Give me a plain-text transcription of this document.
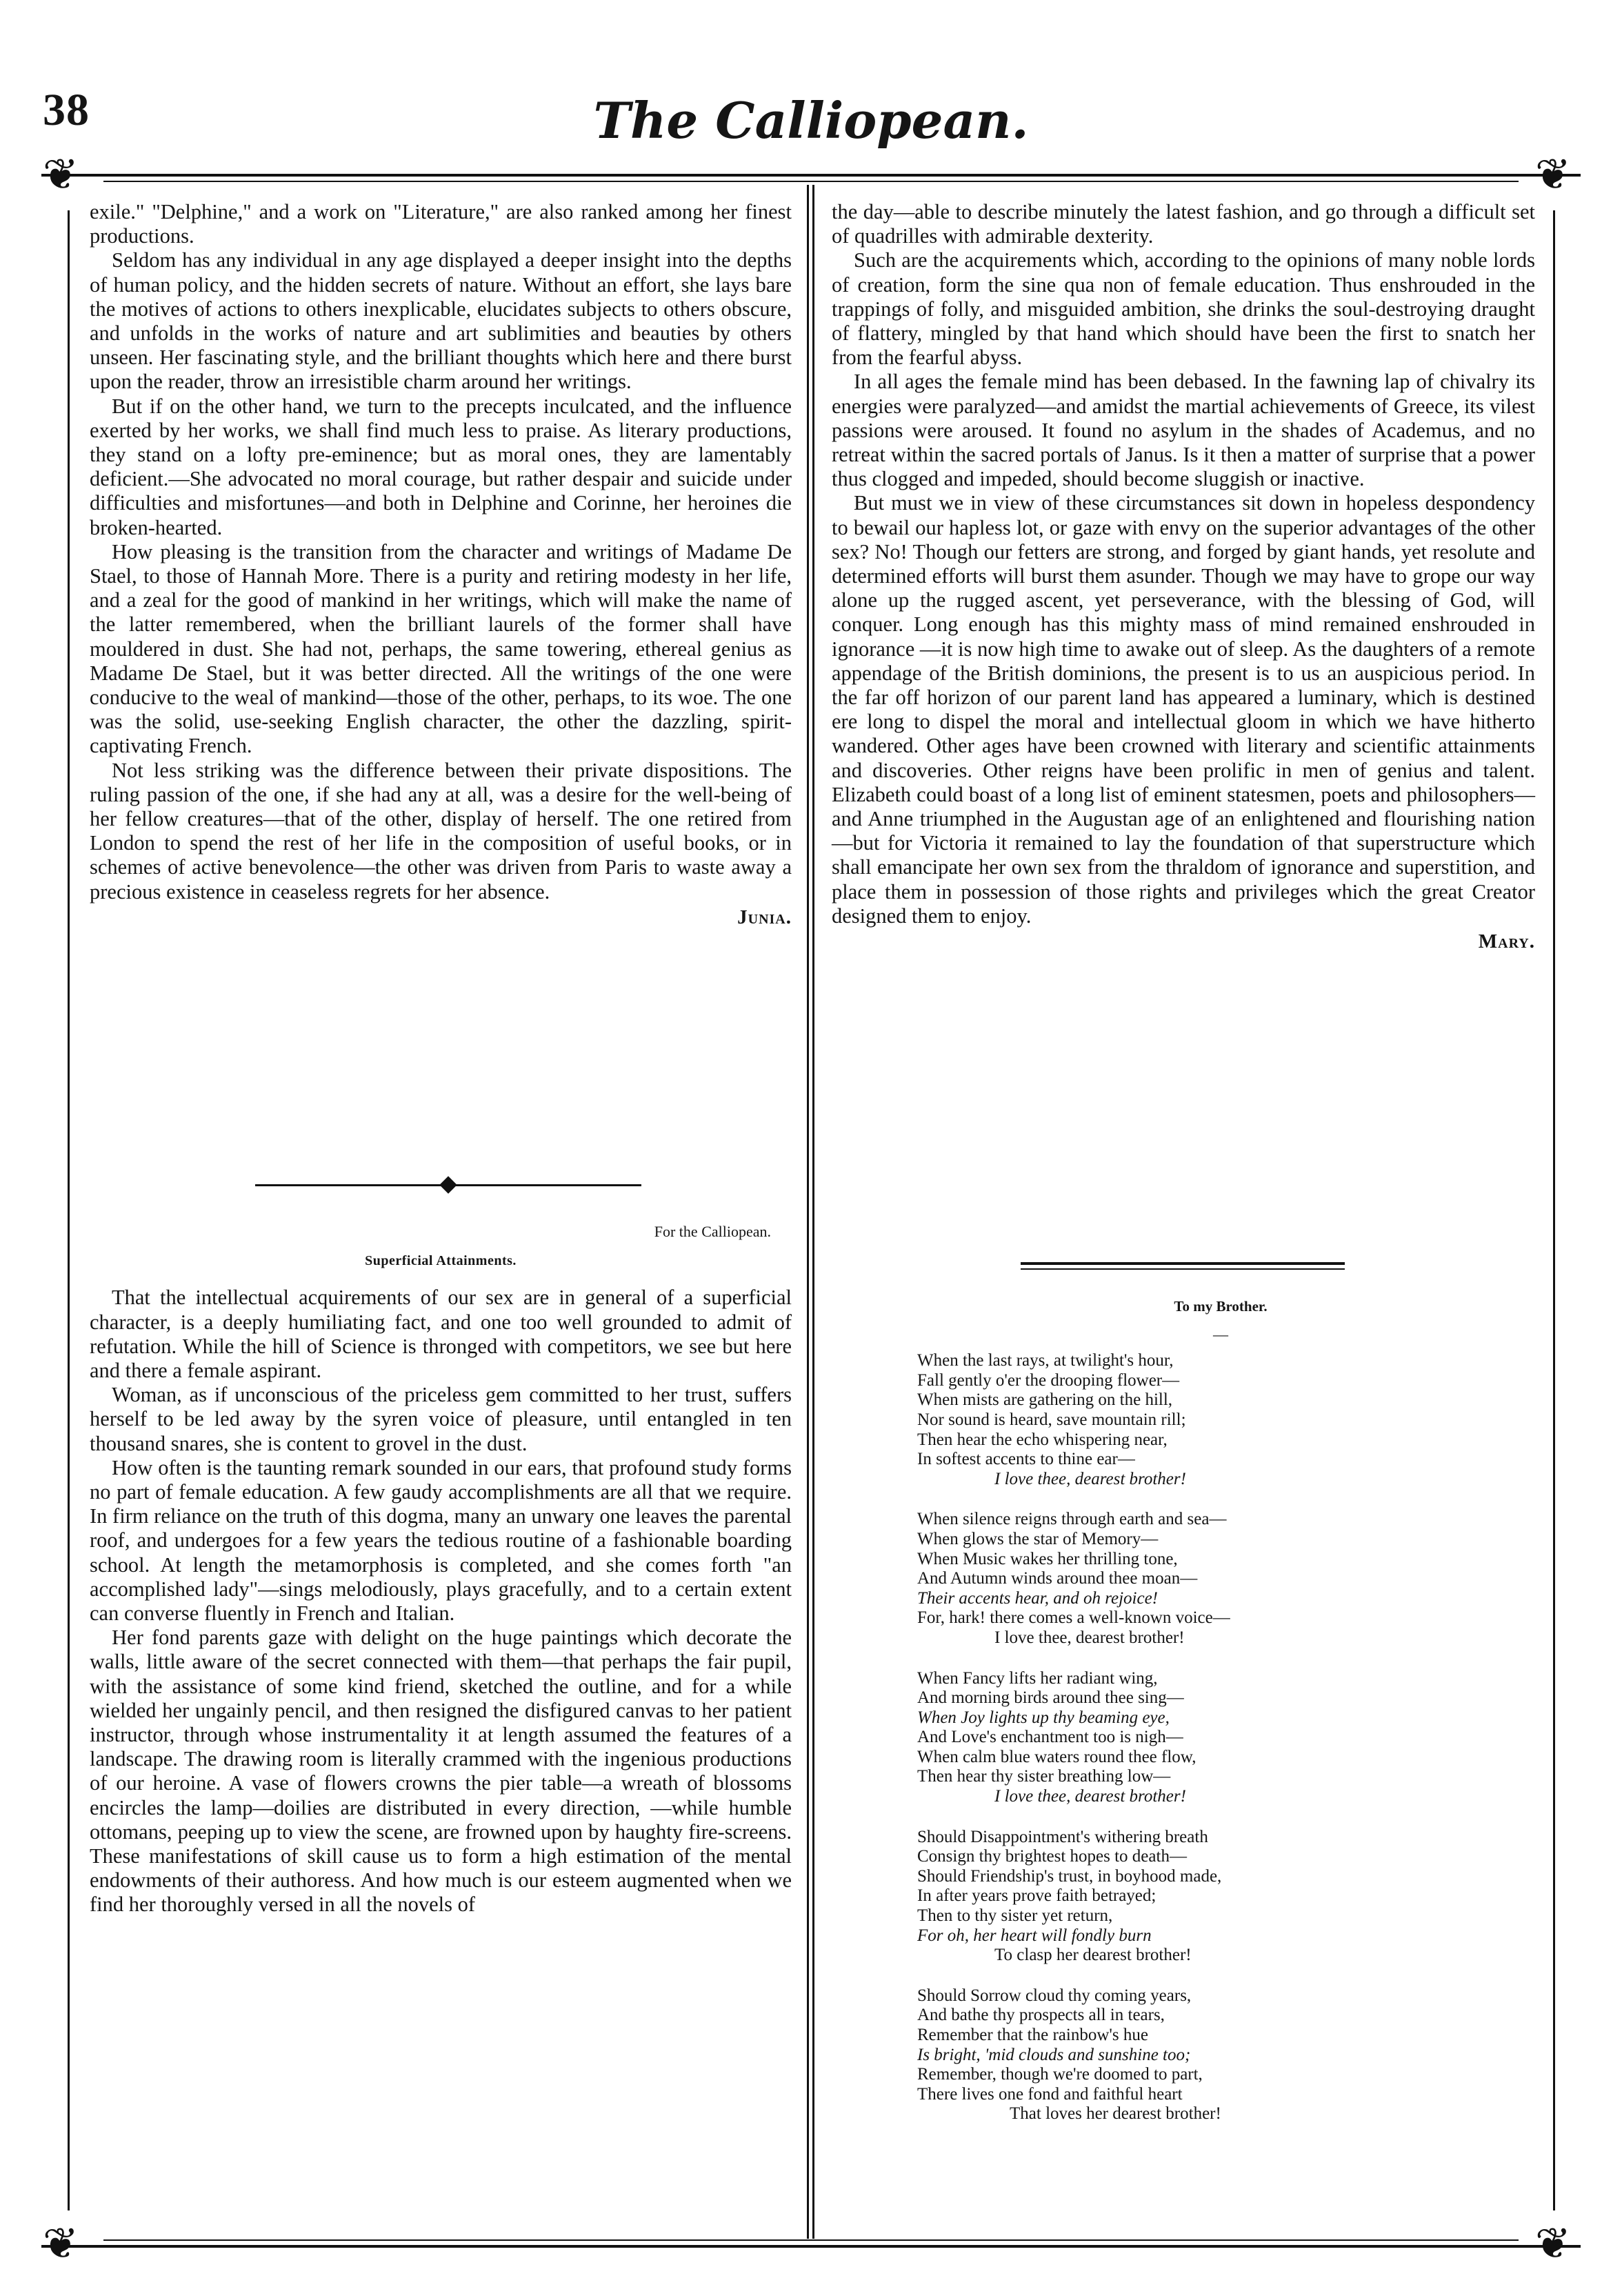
38	The Calliopean.
❦	❦
❦	❦

exile." "Delphine," and a work on "Literature," are also ranked among her finest productions.

Seldom has any individual in any age displayed a deeper insight into the depths of human policy, and the hidden secrets of nature. Without an effort, she lays bare the motives of actions to others inexplicable, elucidates subjects to others obscure, and unfolds in the works of nature and art sublimities and beauties by others unseen. Her fascinating style, and the brilliant thoughts which here and there burst upon the reader, throw an irresistible charm around her writings.

But if on the other hand, we turn to the precepts inculcated, and the influence exerted by her works, we shall find much less to praise. As literary productions, they stand on a lofty pre-eminence; but as moral ones, they are lamentably deficient.—She advocated no moral courage, but rather despair and suicide under difficulties and misfortunes—and both in Delphine and Corinne, her heroines die broken-hearted.

How pleasing is the transition from the character and writings of Madame De Stael, to those of Hannah More. There is a purity and retiring modesty in her life, and a zeal for the good of mankind in her writings, which will make the name of the latter remembered, when the brilliant laurels of the former shall have mouldered in dust. She had not, perhaps, the same towering, ethereal genius as Madame De Stael, but it was better directed. All the writings of the one were conducive to the weal of mankind—those of the other, perhaps, to its woe. The one was the solid, use-seeking English character, the other the dazzling, spirit-captivating French.

Not less striking was the difference between their private dispositions. The ruling passion of the one, if she had any at all, was a desire for the well-being of her fellow creatures—that of the other, display of herself. The one retired from London to spend the rest of her life in the composition of useful books, or in schemes of active benevolence—the other was driven from Paris to waste away a precious existence in ceaseless regrets for her absence.

Junia.
For the Calliopean.
Superficial Attainments.

That the intellectual acquirements of our sex are in general of a superficial character, is a deeply humiliating fact, and one too well grounded to admit of refutation. While the hill of Science is thronged with competitors, we see but here and there a female aspirant.

Woman, as if unconscious of the priceless gem committed to her trust, suffers herself to be led away by the syren voice of pleasure, until entangled in ten thousand snares, she is content to grovel in the dust.

How often is the taunting remark sounded in our ears, that profound study forms no part of female education. A few gaudy accomplishments are all that we require. In firm reliance on the truth of this dogma, many an unwary one leaves the parental roof, and undergoes for a few years the tedious routine of a fashionable boarding school. At length the metamorphosis is completed, and she comes forth "an accomplished lady"—sings melodiously, plays gracefully, and to a certain extent can converse fluently in French and Italian.

Her fond parents gaze with delight on the huge paintings which decorate the walls, little aware of the secret connected with them—that perhaps the fair pupil, with the assistance of some kind friend, sketched the outline, and for a while wielded her ungainly pencil, and then resigned the disfigured canvas to her patient instructor, through whose instrumentality it at length assumed the features of a landscape. The drawing room is literally crammed with the ingenious productions of our heroine. A vase of flowers crowns the pier table—a wreath of blossoms encircles the lamp—doilies are distributed in every direction, —while humble ottomans, peeping up to view the scene, are frowned upon by haughty fire-screens. These manifestations of skill cause us to form a high estimation of the mental endowments of their authoress. And how much is our esteem augmented when we find her thoroughly versed in all the novels of

the day—able to describe minutely the latest fashion, and go through a difficult set of quadrilles with admirable dexterity.

Such are the acquirements which, according to the opinions of many noble lords of creation, form the sine qua non of female education. Thus enshrouded in the trappings of folly, and misguided ambition, she drinks the soul-destroying draught of flattery, mingled by that hand which should have been the first to snatch her from the fearful abyss.

In all ages the female mind has been debased. In the fawning lap of chivalry its energies were paralyzed—and amidst the martial achievements of Greece, its vilest passions were aroused. It found no asylum in the shades of Academus, and no retreat within the sacred portals of Janus. Is it then a matter of surprise that a power thus clogged and impeded, should become sluggish or inactive.

But must we in view of these circumstances sit down in hopeless despondency to bewail our hapless lot, or gaze with envy on the superior advantages of the other sex? No! Though our fetters are strong, and forged by giant hands, yet resolute and determined efforts will burst them asunder. Though we may have to grope our way alone up the rugged ascent, yet perseverance, with the blessing of God, will conquer. Long enough has this mighty mass of mind remained enshrouded in ignorance —it is now high time to awake out of sleep. As the daughters of a remote appendage of the British dominions, the present is to us an auspicious period. In the far off horizon of our parent land has appeared a luminary, which is destined ere long to dispel the moral and intellectual gloom in which we have hitherto wandered. Other ages have been crowned with literary and scientific attainments and discoveries. Other reigns have been prolific in men of genius and talent. Elizabeth could boast of a long list of eminent statesmen, poets and philosophers—and Anne triumphed in the Augustan age of an enlightened and flourishing nation—but for Victoria it remained to lay the foundation of that superstructure which shall emancipate her own sex from the thraldom of ignorance and superstition, and place them in possession of those rights and privileges which the great Creator designed them to enjoy.

Mary.
To my Brother.
—
When the last rays, at twilight's hour,
Fall gently o'er the drooping flower—
When mists are gathering on the hill,
Nor sound is heard, save mountain rill;
Then hear the echo whispering near,
In softest accents to thine ear—
I love thee, dearest brother!
When silence reigns through earth and sea—
When glows the star of Memory—
When Music wakes her thrilling tone,
And Autumn winds around thee moan—
Their accents hear, and oh rejoice!
For, hark! there comes a well-known voice—
I love thee, dearest brother!
When Fancy lifts her radiant wing,
And morning birds around thee sing—
When Joy lights up thy beaming eye,
And Love's enchantment too is nigh—
When calm blue waters round thee flow,
Then hear thy sister breathing low—
I love thee, dearest brother!
Should Disappointment's withering breath
Consign thy brightest hopes to death—
Should Friendship's trust, in boyhood made,
In after years prove faith betrayed;
Then to thy sister yet return,
For oh, her heart will fondly burn
To clasp her dearest brother!
Should Sorrow cloud thy coming years,
And bathe thy prospects all in tears,
Remember that the rainbow's hue
Is bright, 'mid clouds and sunshine too;
Remember, though we're doomed to part,
There lives one fond and faithful heart
That loves her dearest brother!
